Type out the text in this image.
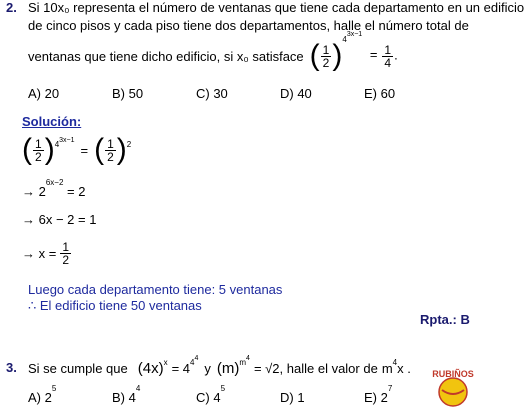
2. Si 10x₀ representa el número de ventanas que tiene cada departamento en un edificio
de cinco pisos y cada piso tiene dos departamentos, halle el número total de
ventanas que tiene dicho edificio, si x₀ satisface ( $\frac{1}{2} )^{43x-1} = \frac{1}{4}$ .
A) 20	B) 50	C) 30	D) 40	E) 60
Solución:
( $\frac{1}{2}$ ) 4 3x−1
= ( $\frac{1}{2}$ ) 2
→ $2^{6x-2} = 2$
→ 6x − 2 = 1
→ $x = \frac{1}{2}$
Luego cada departamento tiene: 5 ventanas
∴ El edificio tiene 50 ventanas
Rpta.: B
3. Si se cumple que (4x) x = 4 4 4
y (m) m 4
= √2 , halle el valor de m 4 x .
A) $2^5$
B) $4^4$
C) $4^5$
D) 1	E) $2^7$
RUBIÑOS
